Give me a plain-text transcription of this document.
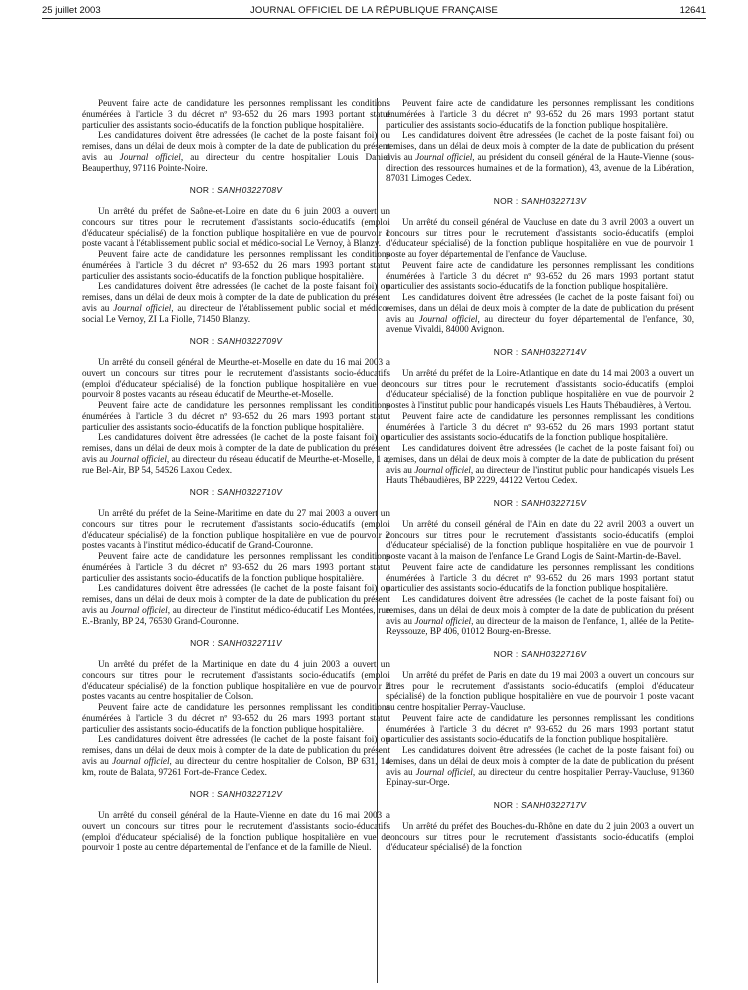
25 juillet 2003	JOURNAL OFFICIEL DE LA RÉPUBLIQUE FRANÇAISE	12641

Peuvent faire acte de candidature les personnes remplissant les conditions énumérées à l'article 3 du décret nº 93-652 du 26 mars 1993 portant statut particulier des assistants socio-éducatifs de la fonction publique hospitalière.

Les candidatures doivent être adressées (le cachet de la poste faisant foi) ou remises, dans un délai de deux mois à compter de la date de publication du présent avis au Journal officiel, au directeur du centre hospitalier Louis Daniel Beauperthuy, 97116 Pointe-Noire.

NOR : SANH0322708V

Un arrêté du préfet de Saône-et-Loire en date du 6 juin 2003 a ouvert un concours sur titres pour le recrutement d'assistants socio-éducatifs (emploi d'éducateur spécialisé) de la fonction publique hospitalière en vue de pourvoir 1 poste vacant à l'établissement public social et médico-social Le Vernoy, à Blanzy.

Peuvent faire acte de candidature les personnes remplissant les conditions énumérées à l'article 3 du décret nº 93-652 du 26 mars 1993 portant statut particulier des assistants socio-éducatifs de la fonction publique hospitalière.

Les candidatures doivent être adressées (le cachet de la poste faisant foi) ou remises, dans un délai de deux mois à compter de la date de publication du présent avis au Journal officiel, au directeur de l'établissement public social et médico-social Le Vernoy, ZI La Fiolle, 71450 Blanzy.

NOR : SANH0322709V

Un arrêté du conseil général de Meurthe-et-Moselle en date du 16 mai 2003 a ouvert un concours sur titres pour le recrutement d'assistants socio-éducatifs (emploi d'éducateur spécialisé) de la fonction publique hospitalière en vue de pourvoir 8 postes vacants au réseau éducatif de Meurthe-et-Moselle.

Peuvent faire acte de candidature les personnes remplissant les conditions énumérées à l'article 3 du décret nº 93-652 du 26 mars 1993 portant statut particulier des assistants socio-éducatifs de la fonction publique hospitalière.

Les candidatures doivent être adressées (le cachet de la poste faisant foi) ou remises, dans un délai de deux mois à compter de la date de publication du présent avis au Journal officiel, au directeur du réseau éducatif de Meurthe-et-Moselle, 1 a, rue Bel-Air, BP 54, 54526 Laxou Cedex.

NOR : SANH0322710V

Un arrêté du préfet de la Seine-Maritime en date du 27 mai 2003 a ouvert un concours sur titres pour le recrutement d'assistants socio-éducatifs (emploi d'éducateur spécialisé) de la fonction publique hospitalière en vue de pourvoir 2 postes vacants à l'institut médico-éducatif de Grand-Couronne.

Peuvent faire acte de candidature les personnes remplissant les conditions énumérées à l'article 3 du décret nº 93-652 du 26 mars 1993 portant statut particulier des assistants socio-éducatifs de la fonction publique hospitalière.

Les candidatures doivent être adressées (le cachet de la poste faisant foi) ou remises, dans un délai de deux mois à compter de la date de publication du présent avis au Journal officiel, au directeur de l'institut médico-éducatif Les Montées, rue E.-Branly, BP 24, 76530 Grand-Couronne.

NOR : SANH0322711V

Un arrêté du préfet de la Martinique en date du 4 juin 2003 a ouvert un concours sur titres pour le recrutement d'assistants socio-éducatifs (emploi d'éducateur spécialisé) de la fonction publique hospitalière en vue de pourvoir 2 postes vacants au centre hospitalier de Colson.

Peuvent faire acte de candidature les personnes remplissant les conditions énumérées à l'article 3 du décret nº 93-652 du 26 mars 1993 portant statut particulier des assistants socio-éducatifs de la fonction publique hospitalière.

Les candidatures doivent être adressées (le cachet de la poste faisant foi) ou remises, dans un délai de deux mois à compter de la date de publication du présent avis au Journal officiel, au directeur du centre hospitalier de Colson, BP 631, 14 km, route de Balata, 97261 Fort-de-France Cedex.

NOR : SANH0322712V

Un arrêté du conseil général de la Haute-Vienne en date du 16 mai 2003 a ouvert un concours sur titres pour le recrutement d'assistants socio-éducatifs (emploi d'éducateur spécialisé) de la fonction publique hospitalière en vue de pourvoir 1 poste au centre départemental de l'enfance et de la famille de Nieul.

Peuvent faire acte de candidature les personnes remplissant les conditions énumérées à l'article 3 du décret nº 93-652 du 26 mars 1993 portant statut particulier des assistants socio-éducatifs de la fonction publique hospitalière.

Les candidatures doivent être adressées (le cachet de la poste faisant foi) ou remises, dans un délai de deux mois à compter de la date de publication du présent avis au Journal officiel, au président du conseil général de la Haute-Vienne (sous-direction des ressources humaines et de la formation), 43, avenue de la Libération, 87031 Limoges Cedex.

NOR : SANH0322713V

Un arrêté du conseil général de Vaucluse en date du 3 avril 2003 a ouvert un concours sur titres pour le recrutement d'assistants socio-éducatifs (emploi d'éducateur spécialisé) de la fonction publique hospitalière en vue de pourvoir 1 poste au foyer départemental de l'enfance de Vaucluse.

Peuvent faire acte de candidature les personnes remplissant les conditions énumérées à l'article 3 du décret nº 93-652 du 26 mars 1993 portant statut particulier des assistants socio-éducatifs de la fonction publique hospitalière.

Les candidatures doivent être adressées (le cachet de la poste faisant foi) ou remises, dans un délai de deux mois à compter de la date de publication du présent avis au Journal officiel, au directeur du foyer départemental de l'enfance, 30, avenue Vivaldi, 84000 Avignon.

NOR : SANH0322714V

Un arrêté du préfet de la Loire-Atlantique en date du 14 mai 2003 a ouvert un concours sur titres pour le recrutement d'assistants socio-éducatifs (emploi d'éducateur spécialisé) de la fonction publique hospitalière en vue de pourvoir 2 postes à l'institut public pour handicapés visuels Les Hauts Thébaudières, à Vertou.

Peuvent faire acte de candidature les personnes remplissant les conditions énumérées à l'article 3 du décret nº 93-652 du 26 mars 1993 portant statut particulier des assistants socio-éducatifs de la fonction publique hospitalière.

Les candidatures doivent être adressées (le cachet de la poste faisant foi) ou remises, dans un délai de deux mois à compter de la date de publication du présent avis au Journal officiel, au directeur de l'institut public pour handicapés visuels Les Hauts Thébaudières, BP 2229, 44122 Vertou Cedex.

NOR : SANH0322715V

Un arrêté du conseil général de l'Ain en date du 22 avril 2003 a ouvert un concours sur titres pour le recrutement d'assistants socio-éducatifs (emploi d'éducateur spécialisé) de la fonction publique hospitalière en vue de pourvoir 1 poste vacant à la maison de l'enfance Le Grand Logis de Saint-Martin-de-Bavel.

Peuvent faire acte de candidature les personnes remplissant les conditions énumérées à l'article 3 du décret nº 93-652 du 26 mars 1993 portant statut particulier des assistants socio-éducatifs de la fonction publique hospitalière.

Les candidatures doivent être adressées (le cachet de la poste faisant foi) ou remises, dans un délai de deux mois à compter de la date de publication du présent avis au Journal officiel, au directeur de la maison de l'enfance, 1, allée de la Petite-Reyssouze, BP 406, 01012 Bourg-en-Bresse.

NOR : SANH0322716V

Un arrêté du préfet de Paris en date du 19 mai 2003 a ouvert un concours sur titres pour le recrutement d'assistants socio-éducatifs (emploi d'éducateur spécialisé) de la fonction publique hospitalière en vue de pourvoir 1 poste vacant au centre hospitalier Perray-Vaucluse.

Peuvent faire acte de candidature les personnes remplissant les conditions énumérées à l'article 3 du décret nº 93-652 du 26 mars 1993 portant statut particulier des assistants socio-éducatifs de la fonction publique hospitalière.

Les candidatures doivent être adressées (le cachet de la poste faisant foi) ou remises, dans un délai de deux mois à compter de la date de publication du présent avis au Journal officiel, au directeur du centre hospitalier Perray-Vaucluse, 91360 Epinay-sur-Orge.

NOR : SANH0322717V

Un arrêté du préfet des Bouches-du-Rhône en date du 2 juin 2003 a ouvert un concours sur titres pour le recrutement d'assistants socio-éducatifs (emploi d'éducateur spécialisé) de la fonction
